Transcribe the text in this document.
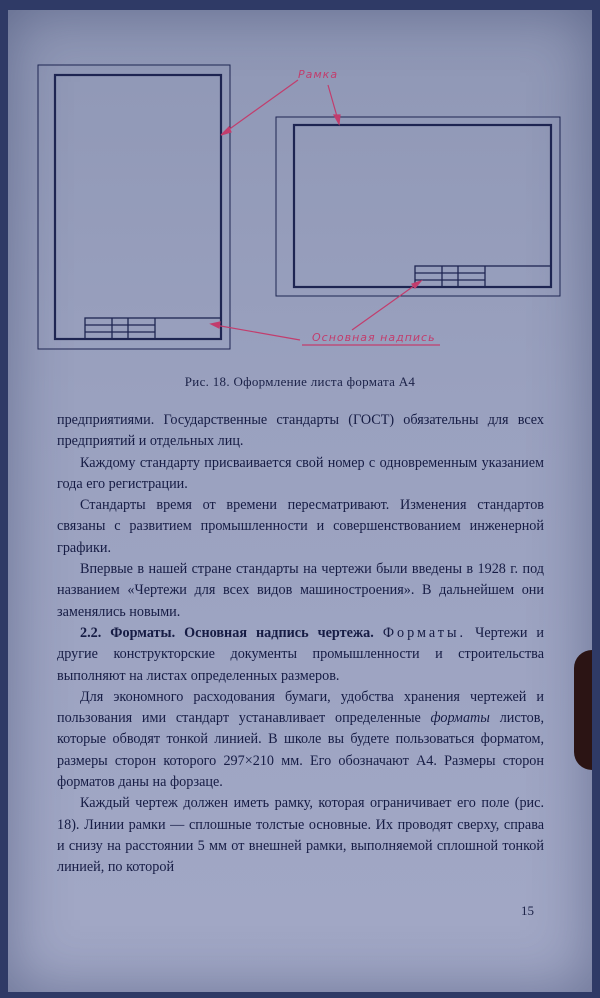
Рамка
Основная надпись
Рис. 18. Оформление листа формата А4

предприятиями. Государственные стандарты (ГОСТ) обязательны для всех предприятий и отдельных лиц.

Каждому стандарту присваивается свой номер с одновременным указанием года его регистрации.

Стандарты время от времени пересматривают. Изменения стандартов связаны с развитием промышленности и совершенствованием инженерной графики.

Впервые в нашей стране стандарты на чертежи были введены в 1928 г. под названием «Чертежи для всех видов машиностроения». В дальнейшем они заменялись новыми.

2.2. Форматы. Основная надпись чертежа. Форматы. Чертежи и другие конструкторские документы промышленности и строительства выполняют на листах определенных размеров.

Для экономного расходования бумаги, удобства хранения чертежей и пользования ими стандарт устанавливает определенные форматы листов, которые обводят тонкой линией. В школе вы будете пользоваться форматом, размеры сторон которого 297×210 мм. Его обозначают А4. Размеры сторон форматов даны на форзаце.

Каждый чертеж должен иметь рамку, которая ограничивает его поле (рис. 18). Линии рамки — сплошные толстые основные. Их проводят сверху, справа и снизу на расстоянии 5 мм от внешней рамки, выполняемой сплошной тонкой линией, по которой

15
